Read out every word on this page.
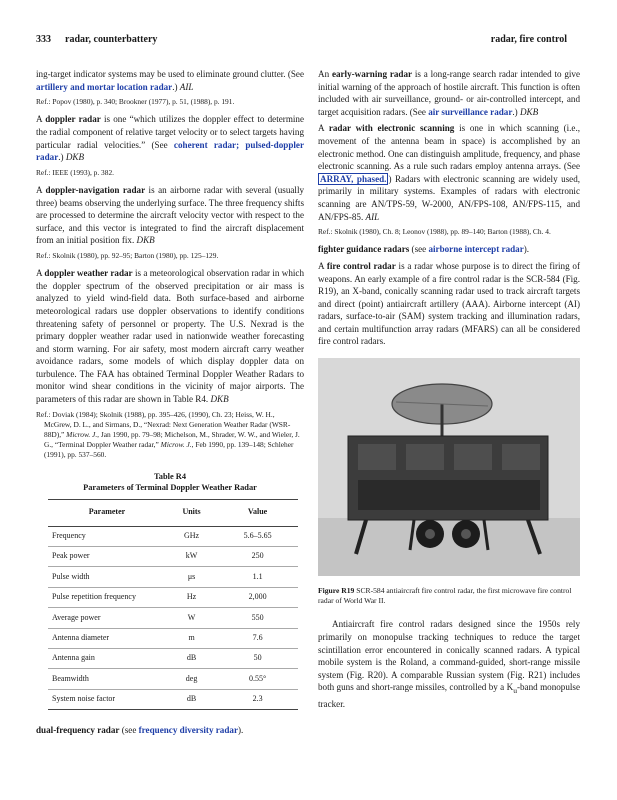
333 radar, counterbattery	radar, fire control

ing-target indicator systems may be used to eliminate ground clutter. (See artillery and mortar location radar.) AIL

Ref.: Popov (1980), p. 340; Brookner (1977), p. 51, (1988), p. 191.

A doppler radar is one “which utilizes the doppler effect to determine the radial component of relative target velocity or to select targets having particular radial velocities.” (See coherent radar; pulsed-doppler radar.) DKB

Ref.: IEEE (1993), p. 382.

A doppler-navigation radar is an airborne radar with several (usually three) beams observing the underlying surface. The three frequency shifts are processed to determine the aircraft velocity vector with respect to the surface, and this vector is integrated to find the aircraft displacement from an initial position fix. DKB

Ref.: Skolnik (1980), pp. 92–95; Barton (1980), pp. 125–129.

A doppler weather radar is a meteorological observation radar in which the doppler spectrum of the observed precipitation or air mass is analyzed to yield wind-field data. Both surface-based and airborne meteorological radars use doppler observations to identify conditions threatening safety of personnel or property. The U.S. Nexrad is the primary doppler weather radar used in nationwide weather forecasting and storm warning. For air safety, most modern aircraft carry weather avoidance radars, some models of which display doppler data on turbulence. The FAA has obtained Terminal Doppler Weather Radars to monitor wind shear conditions in the vicinity of major airports. The parameters of this radar are shown in Table R4. DKB

Ref.: Doviak (1984); Skolnik (1988), pp. 395–426, (1990), Ch. 23; Heiss, W. H., McGrew, D. L., and Sirmans, D., “Nexrad: Next Generation Weather Radar (WSR-88D),” Microw. J., Jan 1990, pp. 79–98; Michelson, M., Shrader, W. W., and Wieler, J. G., “Terminal Doppler Weather radar,” Microw. J., Feb 1990, pp. 139–148; Schleher (1991), pp. 537–560.

Table R4
Parameters of Terminal Doppler Weather Radar
Parameter	Units	Value
Frequency	GHz	5.6–5.65
Peak power	kW	250
Pulse width	μs	1.1
Pulse repetition frequency	Hz	2,000
Average power	W	550
Antenna diameter	m	7.6
Antenna gain	dB	50
Beamwidth	deg	0.55°
System noise factor	dB	2.3

dual-frequency radar (see frequency diversity radar).

An early-warning radar is a long-range search radar intended to give initial warning of the approach of hostile aircraft. This function is often included with air surveillance, ground- or air-controlled intercept, and target acquisition radars. (See air surveillance radar.) DKB

A radar with electronic scanning is one in which scanning (i.e., movement of the antenna beam in space) is accomplished by an electronic method. One can distinguish amplitude, frequency, and phase electronic scanning. As a rule such radars employ antenna arrays. (See ARRAY, phased. ) Radars with electronic scanning are widely used, primarily in military systems. Examples of radars with electronic scanning are AN/TPS-59, W-2000, AN/FPS-108, AN/FPS-115, and AN/FPS-85. AIL

Ref.: Skolnik (1980), Ch. 8; Leonov (1988), pp. 89–140; Barton (1988), Ch. 4.

fighter guidance radars (see airborne intercept radar).

A fire control radar is a radar whose purpose is to direct the firing of weapons. An early example of a fire control radar is the SCR-584 (Fig. R19), an X-band, conically scanning radar used to track aircraft targets and direct (point) antiaircraft artillery (AAA). Airborne intercept (AI) radars, surface-to-air (SAM) system tracking and illumination radars, and certain multifunction array radars (MFARS) can all be considered fire control radars.

Figure R19 SCR-584 antiaircraft fire control radar, the first microwave fire control radar of World War II.

Antiaircraft fire control radars designed since the 1950s rely primarily on monopulse tracking techniques to reduce the target scintillation error encountered in conically scanned radars. A typical mobile system is the Roland, a command-guided, short-range missile system (Fig. R20). A comparable Russian system (Fig. R21) includes both guns and short-range missiles, controlled by a $K_u$-band monopulse tracker.
